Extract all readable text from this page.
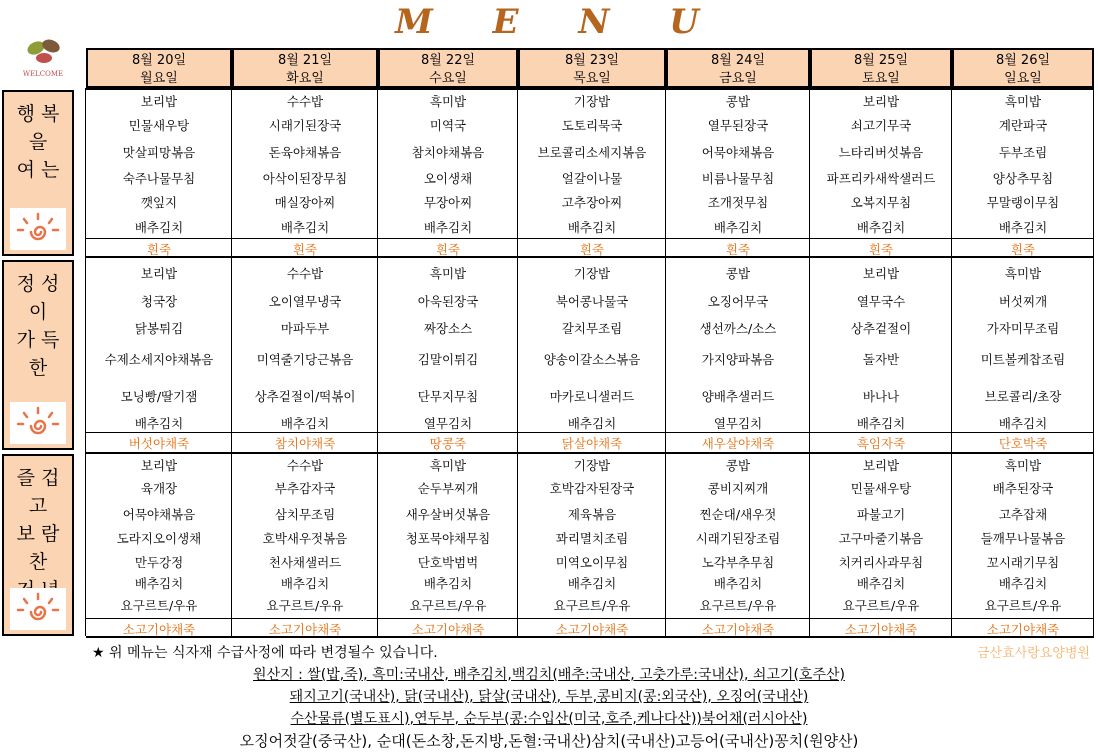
M E N U
WELCOME
8월 20일
월요일
8월 21일
화요일
8월 22일
수요일
8월 23일
목요일
8월 24일
금요일
8월 25일
토요일
8월 26일
일요일
행 복
을
여 는
보리밥
민물새우탕
맛살피망볶음
숙주나물무침
깻잎지
배추김치
흰죽
수수밥
시래기된장국
돈육야채볶음
아삭이된장무침
매실장아찌
배추김치
흰죽
흑미밥
미역국
참치야채볶음
오이생채
무장아찌
배추김치
흰죽
기장밥
도토리묵국
브로콜리소세지볶음
얼갈이나물
고추장아찌
배추김치
흰죽
콩밥
열무된장국
어묵야채볶음
비름나물무침
조개젓무침
배추김치
흰죽
보리밥
쇠고기무국
느타리버섯볶음
파프리카새싹샐러드
오복지무침
배추김치
흰죽
흑미밥
계란파국
두부조림
양상추무침
무말랭이무침
배추김치
흰죽
정 성
이
가 득
한
보리밥
청국장
닭봉튀김
수제소세지야채볶음
모닝빵/딸기잼
배추김치
버섯야채죽
수수밥
오이열무냉국
마파두부
미역줄기당근볶음
상추겉절이/떡볶이
배추김치
참치야채죽
흑미밥
아욱된장국
짜장소스
김말이튀김
단무지무침
열무김치
땅콩죽
기장밥
북어콩나물국
갈치무조림
양송이갈소스볶음
마카로니샐러드
배추김치
닭살야채죽
콩밥
오징어무국
생선까스/소스
가지양파볶음
양배추샐러드
열무김치
새우살야채죽
보리밥
열무국수
상추겉절이
돌자반
바나나
배추김치
흑임자죽
흑미밥
버섯찌개
가자미무조림
미트볼케찹조림
브로콜리/초장
배추김치
단호박죽
즐 겁
고
보 람
찬
보리밥
육개장
어묵야채볶음
도라지오이생채
만두강정
배추김치
요구르트/우유
소고기야채죽
수수밥
부추감자국
삼치무조림
호박새우젓볶음
천사채샐러드
배추김치
요구르트/우유
소고기야채죽
흑미밥
순두부찌개
새우살버섯볶음
청포묵야채무침
단호박범벅
배추김치
요구르트/우유
소고기야채죽
기장밥
호박감자된장국
제육볶음
꽈리멸치조림
미역오이무침
배추김치
요구르트/우유
소고기야채죽
콩밥
콩비지찌개
찐순대/새우젓
시래기된장조림
노각부추무침
배추김치
요구르트/우유
소고기야채죽
보리밥
민물새우탕
파불고기
고구마줄기볶음
치커리사과무침
배추김치
요구르트/우유
소고기야채죽
흑미밥
배추된장국
고추잡채
들깨무나물볶음
꼬시래기무침
배추김치
요구르트/우유
소고기야채죽
★ 위 메뉴는 식자재 수급사정에 따라 변경될수 있습니다.	금산효사랑요양병원
원산지 : 쌀(밥,죽), 흑미:국내산, 배추김치,백김치(배추:국내산, 고춧가루:국내산), 쇠고기(호주산)
돼지고기(국내산), 닭(국내산), 닭살(국내산), 두부,콩비지(콩:외국산), 오징어(국내산)
수산물류(별도표시),연두부, 순두부(콩:수입산(미국,호주,케나다산))북어채(러시아산)
오징어젓갈(중국산), 순대(돈소창,돈지방,돈혈:국내산)삼치(국내산)고등어(국내산)꽁치(원양산)
